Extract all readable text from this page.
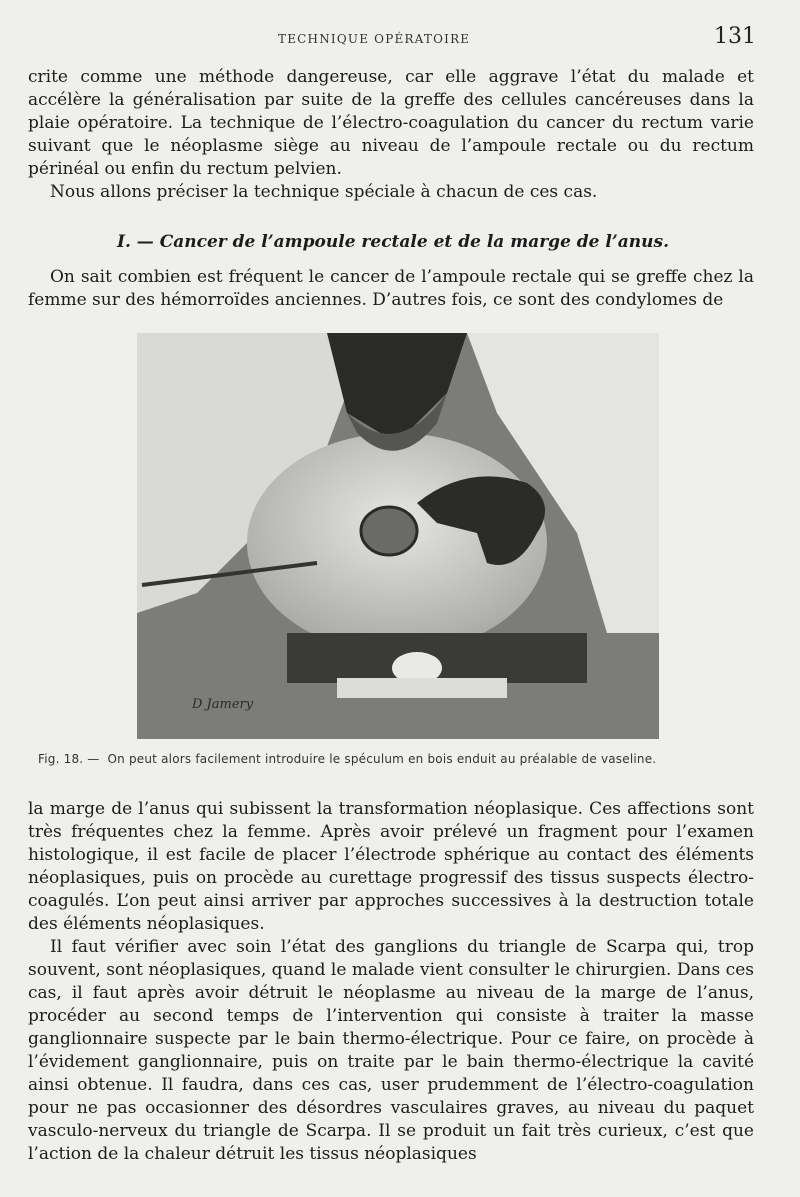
TECHNIQUE OPÉRATOIRE	131

crite comme une méthode dangereuse, car elle aggrave l’état du malade et accélère la généralisation par suite de la greffe des cellules cancéreuses dans la plaie opératoire. La technique de l’électro-coagulation du cancer du rectum varie suivant que le néoplasme siège au niveau de l’ampoule rectale ou du rectum périnéal ou enfin du rectum pelvien.

Nous allons préciser la technique spéciale à chacun de ces cas.

I. — Cancer de l’ampoule rectale et de la marge de l’anus.

On sait combien est fréquent le cancer de l’ampoule rectale qui se greffe chez la femme sur des hémorroïdes anciennes. D’autres fois, ce sont des condylomes de

D Jamery

Fig. 18. — On peut alors facilement introduire le spéculum en bois enduit au préalable de vaseline.

la marge de l’anus qui subissent la transformation néoplasique. Ces affections sont très fréquentes chez la femme. Après avoir prélevé un fragment pour l’examen histologique, il est facile de placer l’électrode sphérique au contact des éléments néoplasiques, puis on procède au curettage progressif des tissus suspects électro-coagulés. L’on peut ainsi arriver par approches successives à la destruction totale des éléments néoplasiques.

Il faut vérifier avec soin l’état des ganglions du triangle de Scarpa qui, trop souvent, sont néoplasiques, quand le malade vient consulter le chirurgien. Dans ces cas, il faut après avoir détruit le néoplasme au niveau de la marge de l’anus, procéder au second temps de l’intervention qui consiste à traiter la masse ganglionnaire suspecte par le bain thermo-électrique. Pour ce faire, on procède à l’évidement ganglionnaire, puis on traite par le bain thermo-électrique la cavité ainsi obtenue. Il faudra, dans ces cas, user prudemment de l’électro-coagulation pour ne pas occasionner des désordres vasculaires graves, au niveau du paquet vasculo-nerveux du triangle de Scarpa. Il se produit un fait très curieux, c’est que l’action de la chaleur détruit les tissus néoplasiques
